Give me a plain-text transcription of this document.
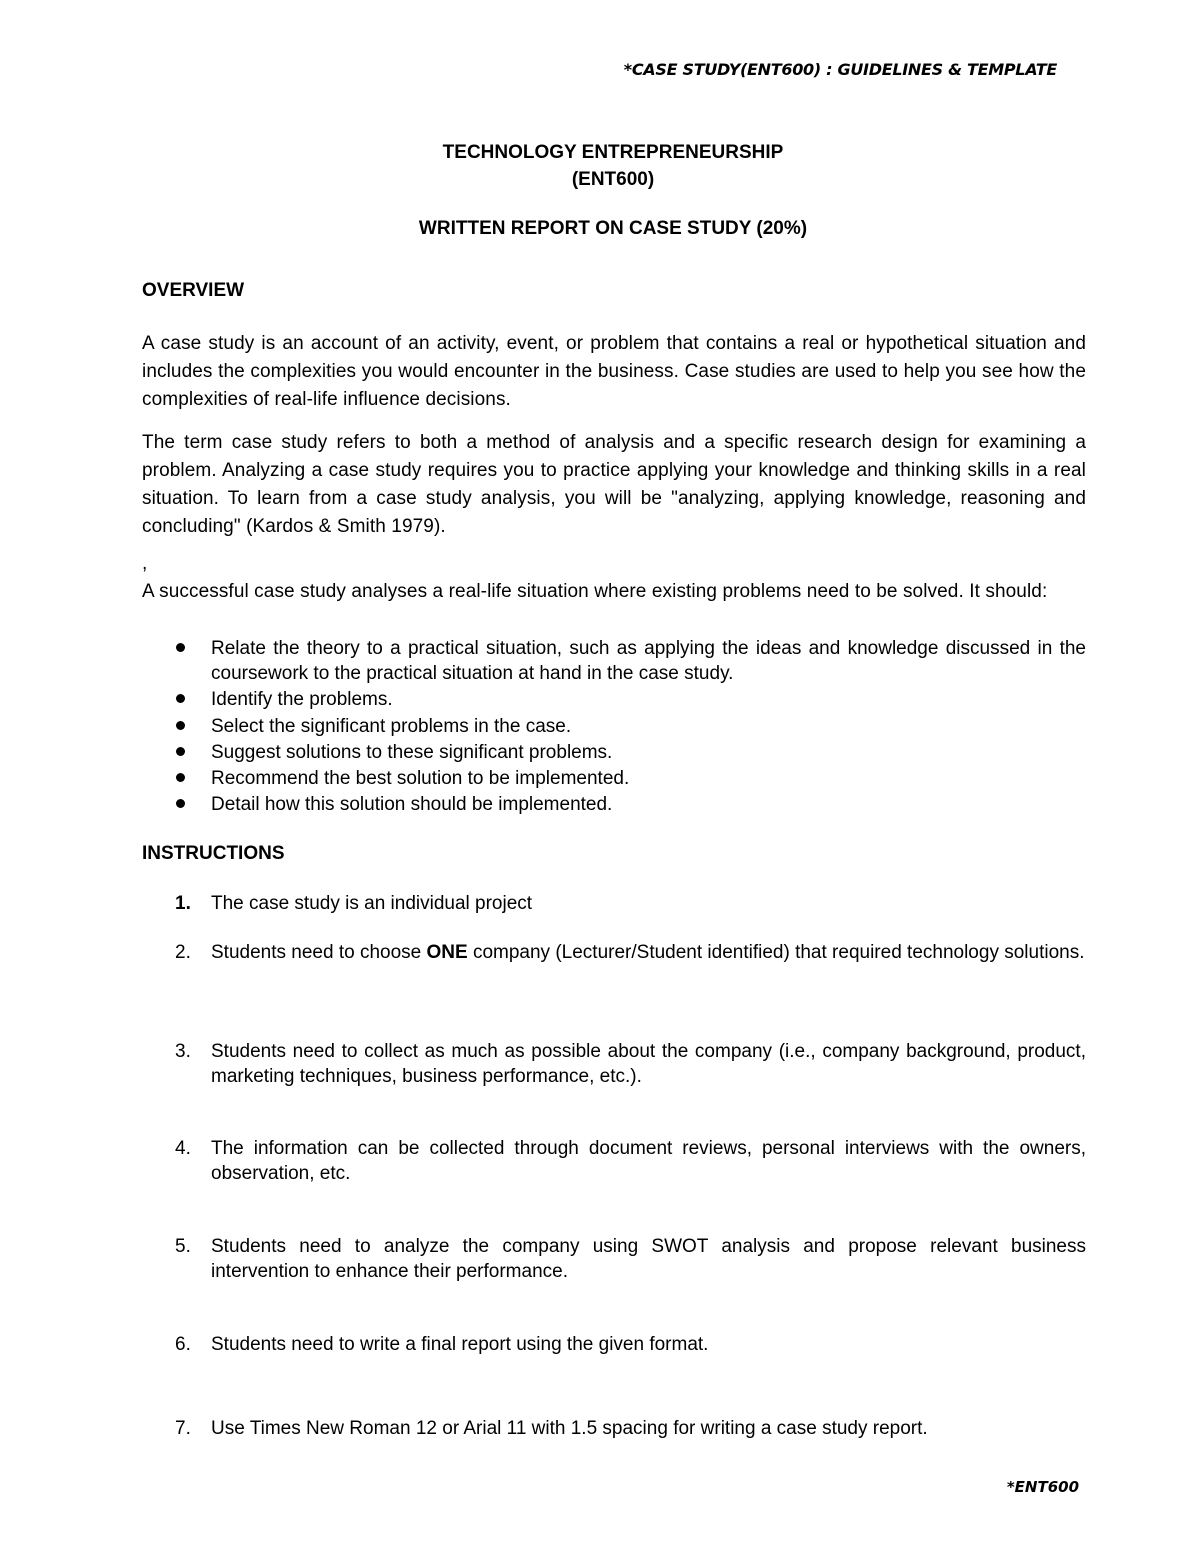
*CASE STUDY(ENT600) : GUIDELINES & TEMPLATE
TECHNOLOGY ENTREPRENEURSHIP
(ENT600)
WRITTEN REPORT ON CASE STUDY (20%)
OVERVIEW
A case study is an account of an activity, event, or problem that contains a real or hypothetical situation and includes the complexities you would encounter in the business. Case studies are used to help you see how the complexities of real-life influence decisions.
The term case study refers to both a method of analysis and a specific research design for examining a problem. Analyzing a case study requires you to practice applying your knowledge and thinking skills in a real situation. To learn from a case study analysis, you will be "analyzing, applying knowledge, reasoning and concluding" (Kardos & Smith 1979).
,
A successful case study analyses a real-life situation where existing problems need to be solved. It should:
Relate the theory to a practical situation, such as applying the ideas and knowledge discussed in the coursework to the practical situation at hand in the case study.
Identify the problems.
Select the significant problems in the case.
Suggest solutions to these significant problems.
Recommend the best solution to be implemented.
Detail how this solution should be implemented.
INSTRUCTIONS
1. The case study is an individual project
2. Students need to choose ONE company (Lecturer/Student identified) that required technology solutions.
3. Students need to collect as much as possible about the company (i.e., company background, product, marketing techniques, business performance, etc.).
4. The information can be collected through document reviews, personal interviews with the owners, observation, etc.
5. Students need to analyze the company using SWOT analysis and propose relevant business intervention to enhance their performance.
6. Students need to write a final report using the given format.
7. Use Times New Roman 12 or Arial 11 with 1.5 spacing for writing a case study report.
*ENT600
